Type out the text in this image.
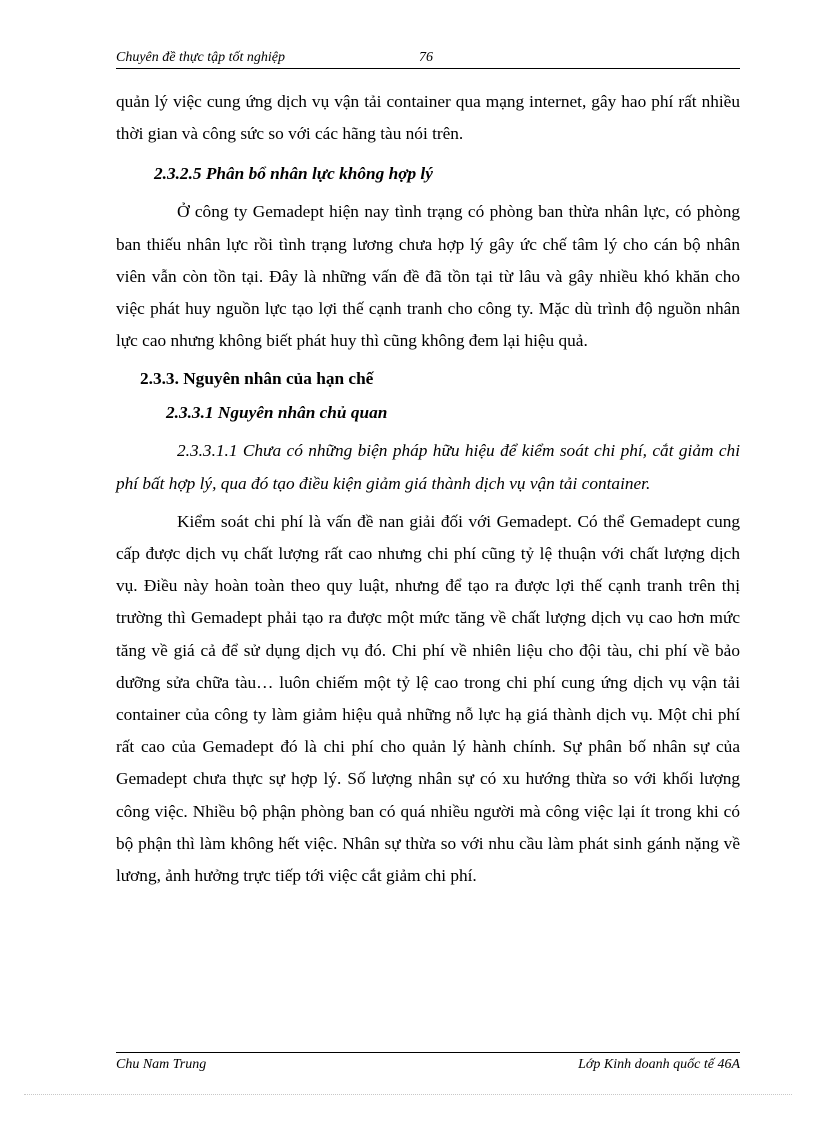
Chuyên đề thực tập tốt nghiệp	76

quản lý việc cung ứng dịch vụ vận tải container qua mạng internet, gây hao phí rất nhiều thời gian và công sức so với các hãng tàu nói trên.

2.3.2.5 Phân bổ nhân lực không hợp lý

Ở công ty Gemadept hiện nay tình trạng có phòng ban thừa nhân lực, có phòng ban thiếu nhân lực rồi tình trạng lương chưa hợp lý gây ức chế tâm lý cho cán bộ nhân viên vẫn còn tồn tại. Đây là những vấn đề đã tồn tại từ lâu và gây nhiều khó khăn cho việc phát huy nguồn lực tạo lợi thế cạnh tranh cho công ty. Mặc dù trình độ nguồn nhân lực cao nhưng không biết phát huy thì cũng không đem lại hiệu quả.

2.3.3. Nguyên nhân của hạn chế

2.3.3.1 Nguyên nhân chủ quan

2.3.3.1.1 Chưa có những biện pháp hữu hiệu để kiểm soát chi phí, cắt giảm chi phí bất hợp lý, qua đó tạo điều kiện giảm giá thành dịch vụ vận tải container.

Kiểm soát chi phí là vấn đề nan giải đối với Gemadept. Có thể Gemadept cung cấp được dịch vụ chất lượng rất cao nhưng chi phí cũng tỷ lệ thuận với chất lượng dịch vụ. Điều này hoàn toàn theo quy luật, nhưng để tạo ra được lợi thế cạnh tranh trên thị trường thì Gemadept phải tạo ra được một mức tăng về chất lượng dịch vụ cao hơn mức tăng về giá cả để sử dụng dịch vụ đó. Chi phí về nhiên liệu cho đội tàu, chi phí về bảo dưỡng sửa chữa tàu… luôn chiếm một tỷ lệ cao trong chi phí cung ứng dịch vụ vận tải container của công ty làm giảm hiệu quả những nỗ lực hạ giá thành dịch vụ. Một chi phí rất cao của Gemadept đó là chi phí cho quản lý hành chính. Sự phân bố nhân sự của Gemadept chưa thực sự hợp lý. Số lượng nhân sự có xu hướng thừa so với khối lượng công việc. Nhiều bộ phận phòng ban có quá nhiều người mà công việc lại ít trong khi có bộ phận thì làm không hết việc. Nhân sự thừa so với nhu cầu làm phát sinh gánh nặng về lương, ảnh hưởng trực tiếp tới việc cắt giảm chi phí.

Chu Nam Trung	Lớp Kinh doanh quốc tế 46A
